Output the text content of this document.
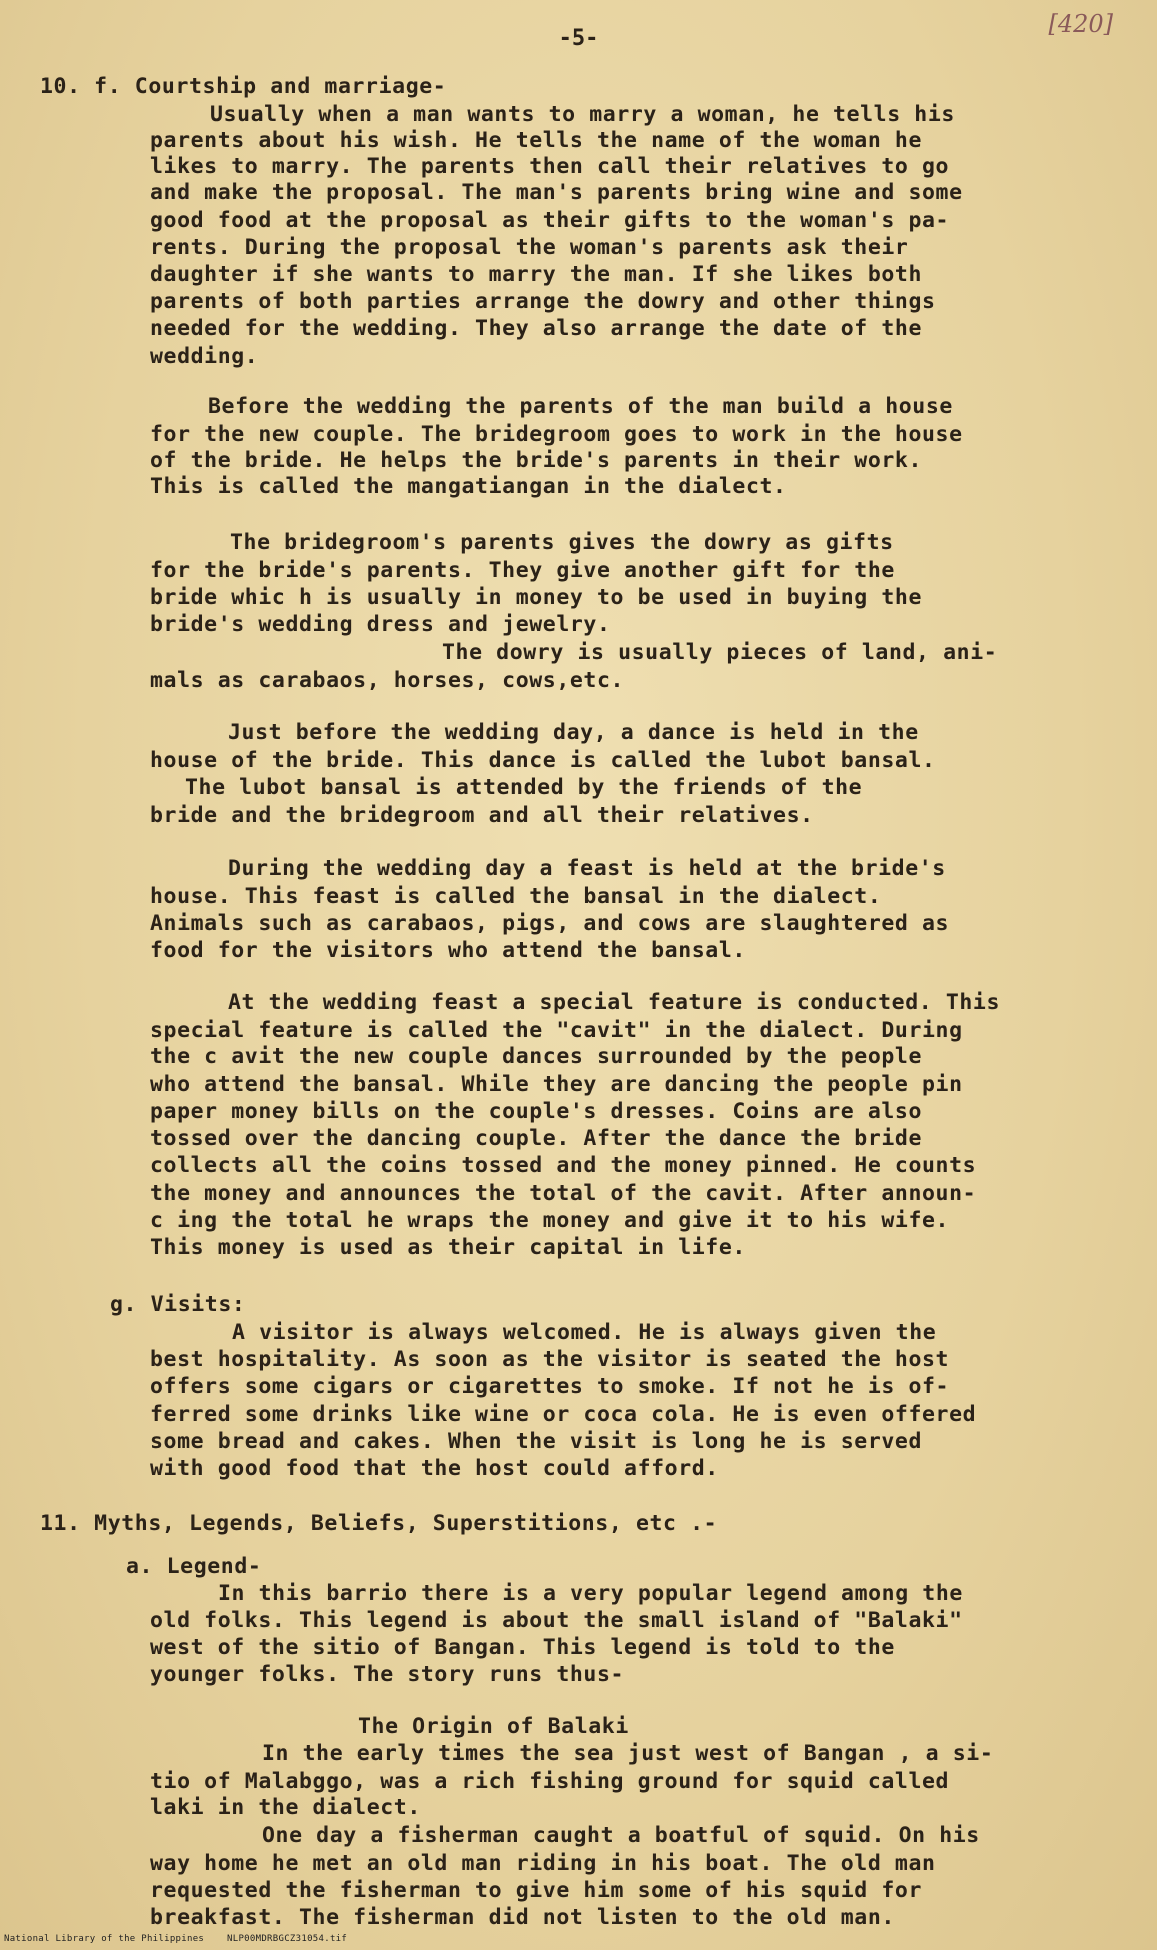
-5-
[420]
10. f. Courtship and marriage-
Usually when a man wants to marry a woman, he tells his
parents about his wish. He tells the name of the woman he
likes to marry. The parents then call their relatives to go
and make the proposal. The man's parents bring wine and some
good food at the proposal as their gifts to the woman's pa-
rents. During the proposal the woman's parents ask their
daughter if she wants to marry the man. If she likes both
parents of both parties arrange the dowry and other things
needed for the wedding. They also arrange the date of the
wedding.
Before the wedding the parents of the man build a house
for the new couple. The bridegroom goes to work in the house
of the bride. He helps the bride's parents in their work.
This is called the mangatiangan in the dialect.
The bridegroom's parents gives the dowry as gifts
for the bride's parents. They give another gift for the
bride whic h is usually in money to be used in buying the
bride's wedding dress and jewelry.
The dowry is usually pieces of land, ani-
mals as carabaos, horses, cows,etc.
Just before the wedding day, a dance is held in the
house of the bride. This dance is called the lubot bansal.
The lubot bansal is attended by the friends of the
bride and the bridegroom and all their relatives.
During the wedding day a feast is held at the bride's
house. This feast is called the bansal in the dialect.
Animals such as carabaos, pigs, and cows are slaughtered as
food for the visitors who attend the bansal.
At the wedding feast a special feature is conducted. This
special feature is called the "cavit" in the dialect. During
the c avit the new couple dances surrounded by the people
who attend the bansal. While they are dancing the people pin
paper money bills on the couple's dresses. Coins are also
tossed over the dancing couple. After the dance the bride
collects all the coins tossed and the money pinned. He counts
the money and announces the total of the cavit. After announ-
c ing the total he wraps the money and give it to his wife.
This money is used as their capital in life.
g. Visits:
A visitor is always welcomed. He is always given the
best hospitality. As soon as the visitor is seated the host
offers some cigars or cigarettes to smoke. If not he is of-
ferred some drinks like wine or coca cola. He is even offered
some bread and cakes. When the visit is long he is served
with good food that the host could afford.
11. Myths, Legends, Beliefs, Superstitions, etc .-
a. Legend-
In this barrio there is a very popular legend among the
old folks. This legend is about the small island of "Balaki"
west of the sitio of Bangan. This legend is told to the
younger folks. The story runs thus-
The Origin of Balaki
In the early times the sea just west of Bangan , a si-
tio of Malabggo, was a rich fishing ground for squid called
laki in the dialect.
One day a fisherman caught a boatful of squid. On his
way home he met an old man riding in his boat. The old man
requested the fisherman to give him some of his squid for
breakfast. The fisherman did not listen to the old man.
National Library of the Philippines    NLP00MDRBGCZ31054.tif
